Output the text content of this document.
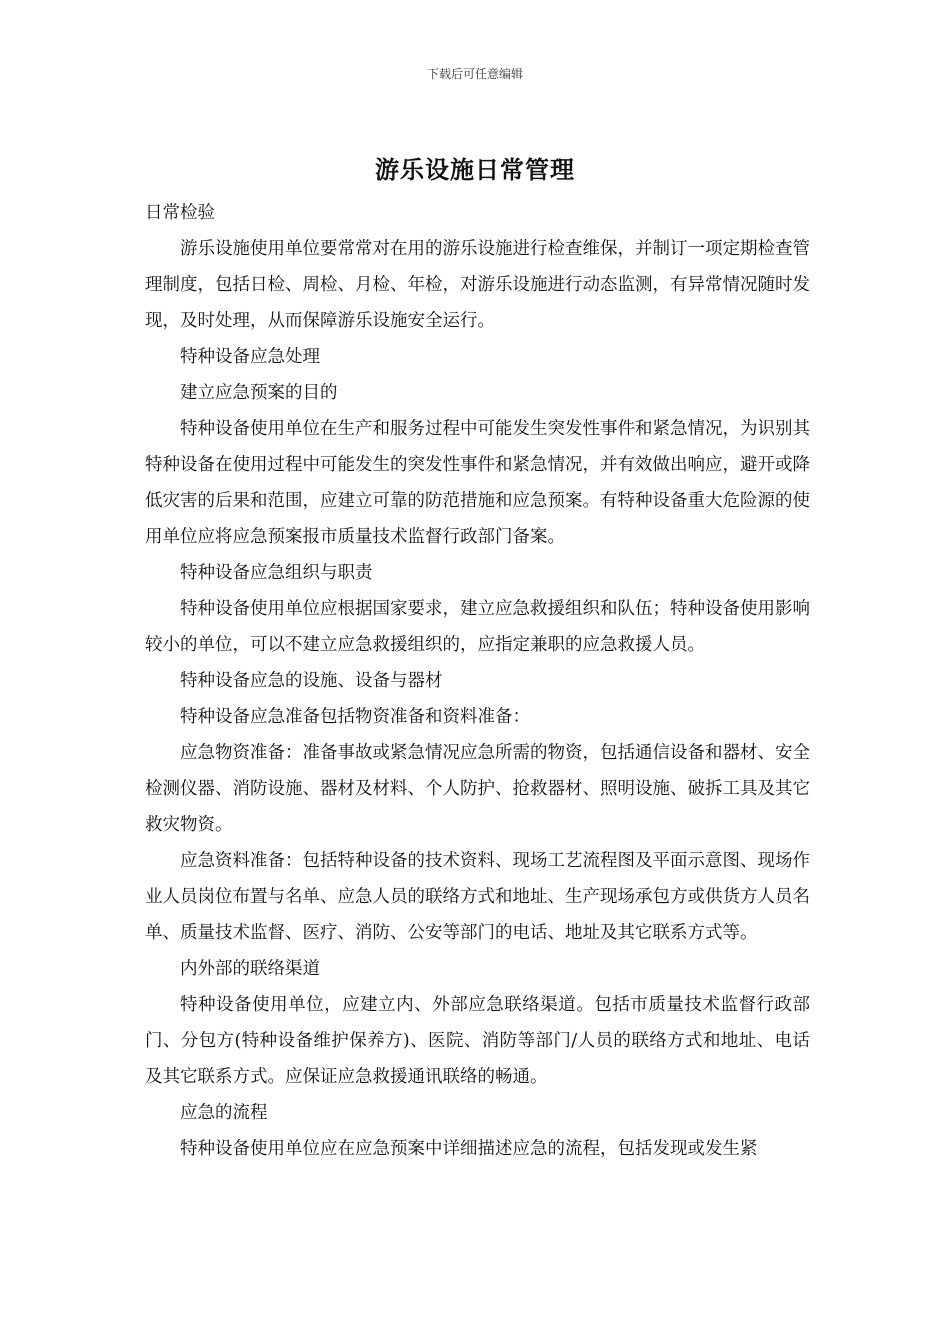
下载后可任意编辑
游乐设施日常管理

日常检验

游乐设施使用单位要常常对在用的游乐设施进行检查维保，并制订一项定期检查管理制度，包括日检、周检、月检、年检，对游乐设施进行动态监测，有异常情况随时发现，及时处理，从而保障游乐设施安全运行。

特种设备应急处理

建立应急预案的目的

特种设备使用单位在生产和服务过程中可能发生突发性事件和紧急情况，为识别其特种设备在使用过程中可能发生的突发性事件和紧急情况，并有效做出响应，避开或降低灾害的后果和范围，应建立可靠的防范措施和应急预案。有特种设备重大危险源的使用单位应将应急预案报市质量技术监督行政部门备案。

特种设备应急组织与职责

特种设备使用单位应根据国家要求，建立应急救援组织和队伍；特种设备使用影响较小的单位，可以不建立应急救援组织的，应指定兼职的应急救援人员。

特种设备应急的设施、设备与器材

特种设备应急准备包括物资准备和资料准备：

应急物资准备：准备事故或紧急情况应急所需的物资，包括通信设备和器材、安全检测仪器、消防设施、器材及材料、个人防护、抢救器材、照明设施、破拆工具及其它救灾物资。

应急资料准备：包括特种设备的技术资料、现场工艺流程图及平面示意图、现场作业人员岗位布置与名单、应急人员的联络方式和地址、生产现场承包方或供货方人员名单、质量技术监督、医疗、消防、公安等部门的电话、地址及其它联系方式等。

内外部的联络渠道

特种设备使用单位，应建立内、外部应急联络渠道。包括市质量技术监督行政部门、分包方(特种设备维护保养方)、医院、消防等部门/人员的联络方式和地址、电话及其它联系方式。应保证应急救援通讯联络的畅通。

应急的流程

特种设备使用单位应在应急预案中详细描述应急的流程，包括发现或发生紧
